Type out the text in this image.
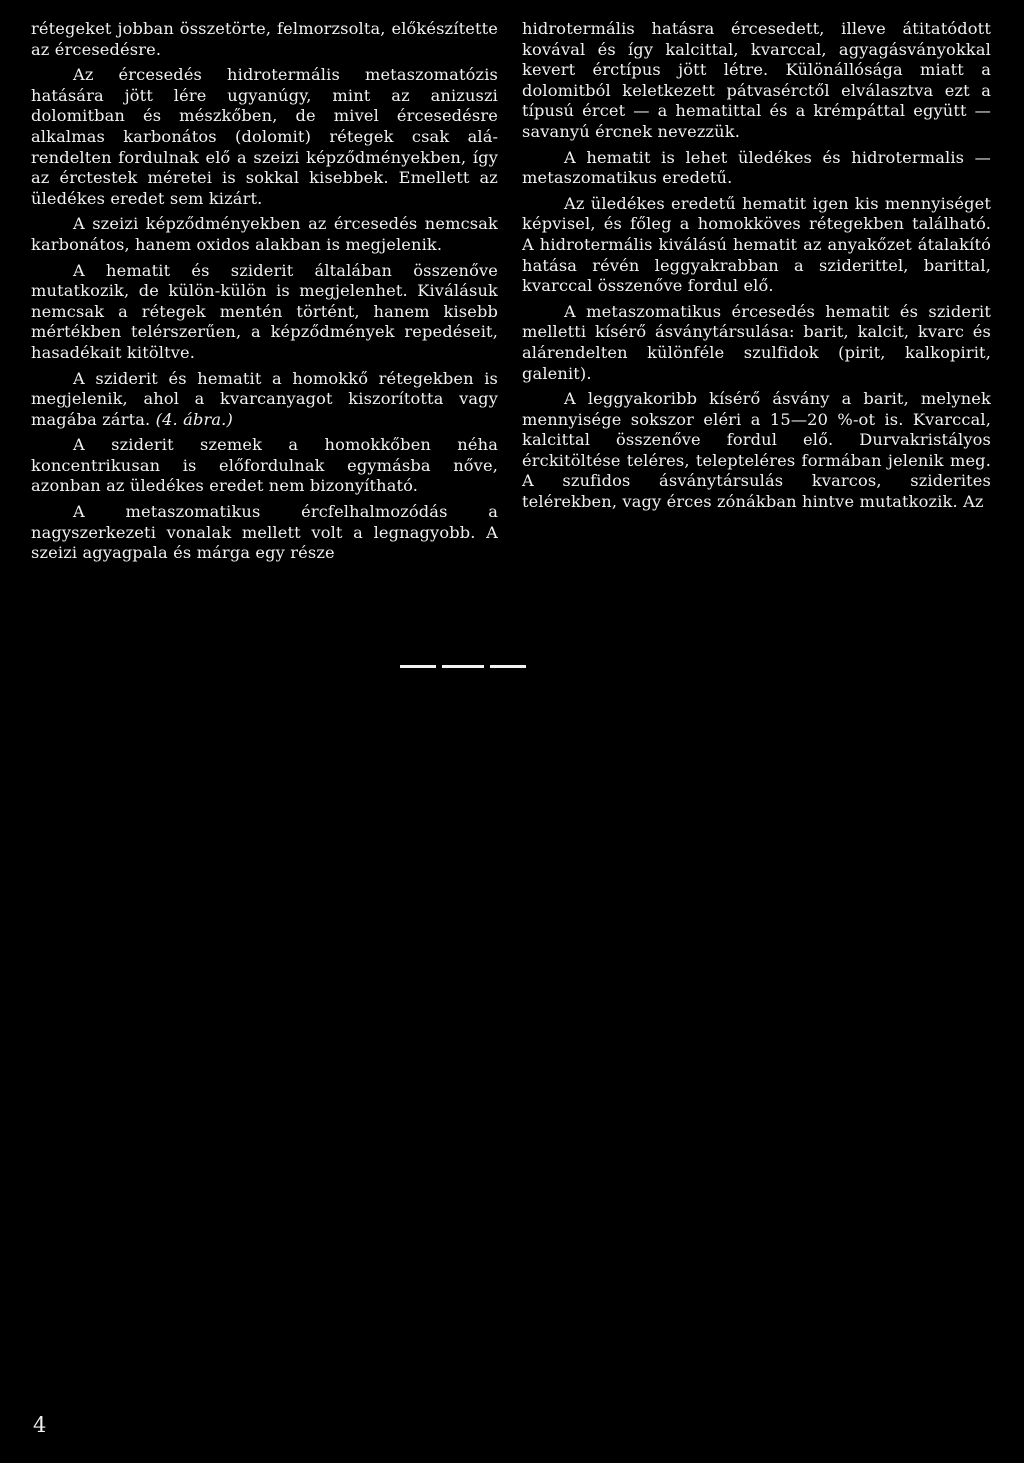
rétegeket jobban összetörte, felmorzsolta, előkészítette az ércesedésre.

Az ércesedés hidrotermális metaszomatózis hatására jött lére ugyanúgy, mint az anizuszi dolomitban és mészkőben, de mivel ércesedésre alkalmas karbonátos (dolomit) rétegek csak alárendelten fordulnak elő a szeizi képződményekben, így az érctestek méretei is sokkal kisebbek. Emellett az üledékes eredet sem kizárt.

A szeizi képződményekben az ércesedés nemcsak karbonátos, hanem oxidos alakban is megjelenik.

A hematit és sziderit általában összenőve mutatkozik, de külön-külön is megjelenhet. Kiválásuk nemcsak a rétegek mentén történt, hanem kisebb mértékben telérszerűen, a képződmények repedéseit, hasadékait kitöltve.

A sziderit és hematit a homokkő rétegekben is megjelenik, ahol a kvarcanyagot kiszorította vagy magába zárta. (4. ábra.)

A sziderit szemek a homokkőben néha koncentrikusan is előfordulnak egymásba nőve, azonban az üledékes eredet nem bizonyítható.

A metaszomatikus ércfelhalmozódás a nagyszerkezeti vonalak mellett volt a legnagyobb. A szeizi agyagpala és márga egy része

hidrotermális hatásra ércesedett, illeve átitatódott kovával és így kalcittal, kvarccal, agyagásványokkal kevert érctípus jött létre. Különállósága miatt a dolomitból keletkezett pátvasérctől elválasztva ezt a típusú ércet — a hematittal és a krémpáttal együtt — savanyú ércnek nevezzük.

A hematit is lehet üledékes és hidrotermalis — metaszomatikus eredetű.

Az üledékes eredetű hematit igen kis mennyiséget képvisel, és főleg a homokköves rétegekben található. A hidrotermális kiválású hematit az anyakőzet átalakító hatása révén leggyakrabban a sziderittel, barittal, kvarccal összenőve fordul elő.

A metaszomatikus ércesedés hematit és sziderit melletti kísérő ásványtársulása: barit, kalcit, kvarc és alárendelten különféle szulfidok (pirit, kalkopirit, galenit).

A leggyakoribb kísérő ásvány a barit, melynek mennyisége sokszor eléri a 15—20 %-ot is. Kvarccal, kalcittal összenőve fordul elő. Durvakristályos érckitöltése teléres, telepteléres formában jelenik meg. A szufidos ásványtársulás kvarcos, sziderites telérekben, vagy érces zónákban hintve mutatkozik. Az

4
